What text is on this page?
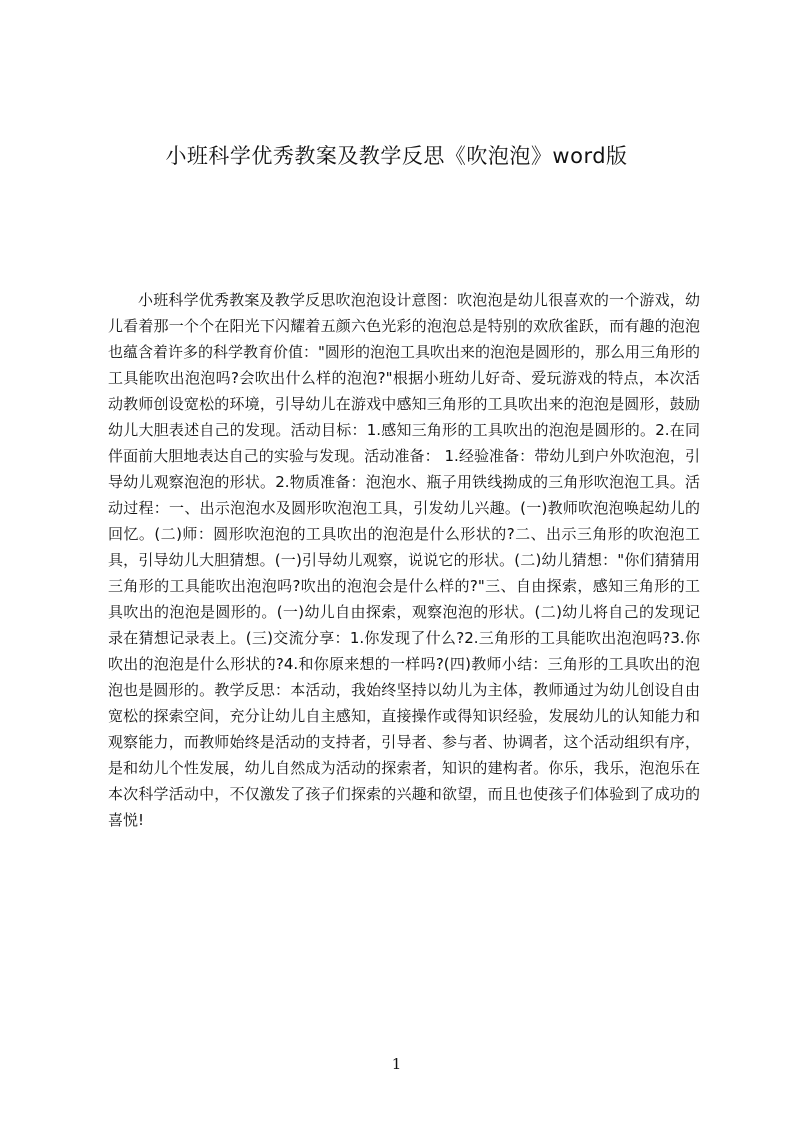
小班科学优秀教案及教学反思《吹泡泡》word版
小班科学优秀教案及教学反思吹泡泡设计意图：吹泡泡是幼儿很喜欢的一个游戏，幼儿看着那一个个在阳光下闪耀着五颜六色光彩的泡泡总是特别的欢欣雀跃，而有趣的泡泡也蕴含着许多的科学教育价值："圆形的泡泡工具吹出来的泡泡是圆形的，那么用三角形的工具能吹出泡泡吗?会吹出什么样的泡泡?"根据小班幼儿好奇、爱玩游戏的特点，本次活动教师创设宽松的环境，引导幼儿在游戏中感知三角形的工具吹出来的泡泡是圆形，鼓励幼儿大胆表述自己的发现。活动目标：1.感知三角形的工具吹出的泡泡是圆形的。2.在同伴面前大胆地表达自己的实验与发现。活动准备： 1.经验准备：带幼儿到户外吹泡泡，引导幼儿观察泡泡的形状。2.物质准备：泡泡水、瓶子用铁线拗成的三角形吹泡泡工具。活动过程：一、出示泡泡水及圆形吹泡泡工具，引发幼儿兴趣。(一)教师吹泡泡唤起幼儿的回忆。(二)师：圆形吹泡泡的工具吹出的泡泡是什么形状的?二、出示三角形的吹泡泡工具，引导幼儿大胆猜想。(一)引导幼儿观察，说说它的形状。(二)幼儿猜想："你们猜猜用三角形的工具能吹出泡泡吗?吹出的泡泡会是什么样的?"三、自由探索，感知三角形的工具吹出的泡泡是圆形的。(一)幼儿自由探索，观察泡泡的形状。(二)幼儿将自己的发现记录在猜想记录表上。(三)交流分享：1.你发现了什么?2.三角形的工具能吹出泡泡吗?3.你吹出的泡泡是什么形状的?4.和你原来想的一样吗?(四)教师小结：三角形的工具吹出的泡泡也是圆形的。教学反思：本活动，我始终坚持以幼儿为主体，教师通过为幼儿创设自由宽松的探索空间，充分让幼儿自主感知，直接操作或得知识经验，发展幼儿的认知能力和观察能力，而教师始终是活动的支持者，引导者、参与者、协调者，这个活动组织有序，是和幼儿个性发展，幼儿自然成为活动的探索者，知识的建构者。你乐，我乐，泡泡乐在本次科学活动中，不仅激发了孩子们探索的兴趣和欲望，而且也使孩子们体验到了成功的喜悦!
1
